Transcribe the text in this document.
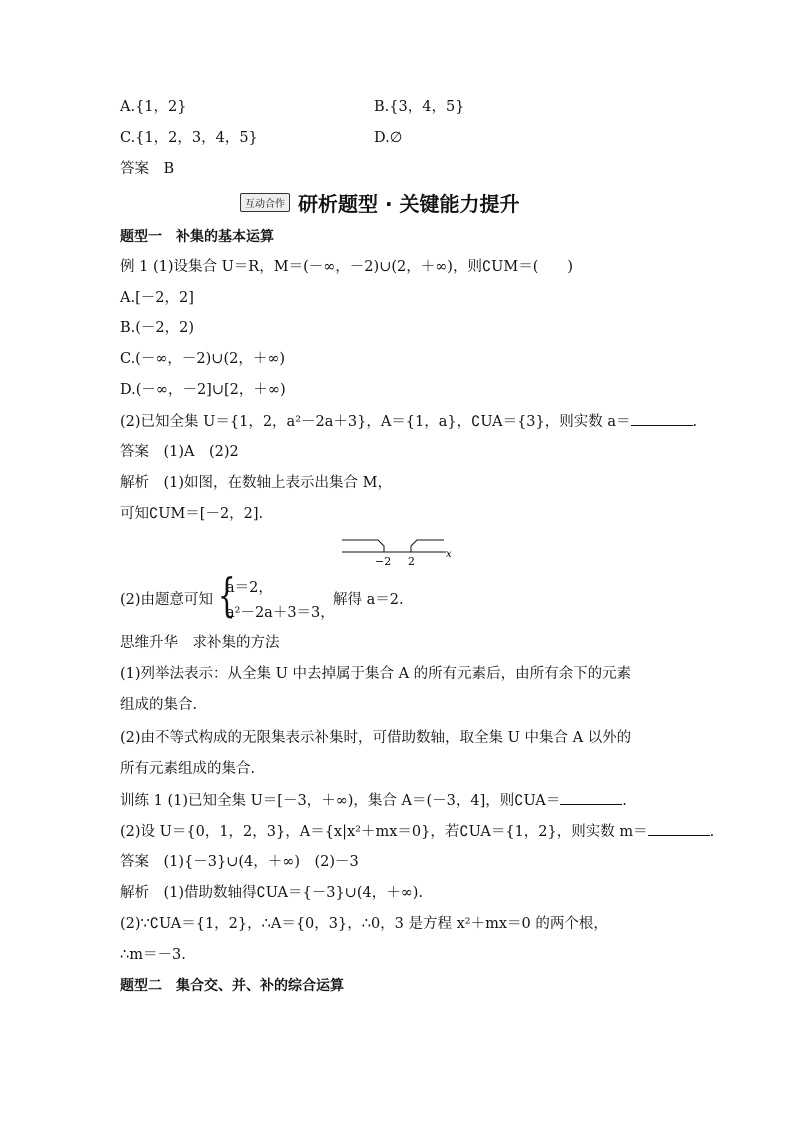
A.{1，2}	B.{3，4，5}
C.{1，2，3，4，5}	D.∅
答案　B
互动合作 研析题型 · 关键能力提升
题型一　补集的基本运算
例 1 (1)设集合 U＝R，M＝(－∞，－2)∪(2，＋∞)，则∁UM＝(　　)
A.[－2，2]
B.(－2，2)
C.(－∞，－2)∪(2，＋∞)
D.(－∞，－2]∪[2，＋∞)
(2)已知全集 U＝{1，2，a²－2a＋3}，A＝{1，a}，∁UA＝{3}，则实数 a＝	.
答案　(1)A　(2)2
解析　(1)如图，在数轴上表示出集合 M，
可知∁UM＝[－2，2].
−2 2
x
(2)由题意可知 {
a＝2，
a²－2a＋3＝3，
解得 a＝2.
思维升华　求补集的方法
(1)列举法表示：从全集 U 中去掉属于集合 A 的所有元素后，由所有余下的元素
组成的集合.
(2)由不等式构成的无限集表示补集时，可借助数轴，取全集 U 中集合 A 以外的
所有元素组成的集合.
训练 1 (1)已知全集 U＝[－3，＋∞)，集合 A＝(－3，4]，则∁UA＝	.
(2)设 U＝{0，1，2，3}，A＝{x|x²＋mx＝0}，若∁UA＝{1，2}，则实数 m＝	.
答案　(1){－3}∪(4，＋∞)　(2)－3
解析　(1)借助数轴得∁UA＝{－3}∪(4，＋∞).
(2)∵∁UA＝{1，2}，∴A＝{0，3}，∴0，3 是方程 x²＋mx＝0 的两个根，
∴m＝－3.
题型二　集合交、并、补的综合运算
